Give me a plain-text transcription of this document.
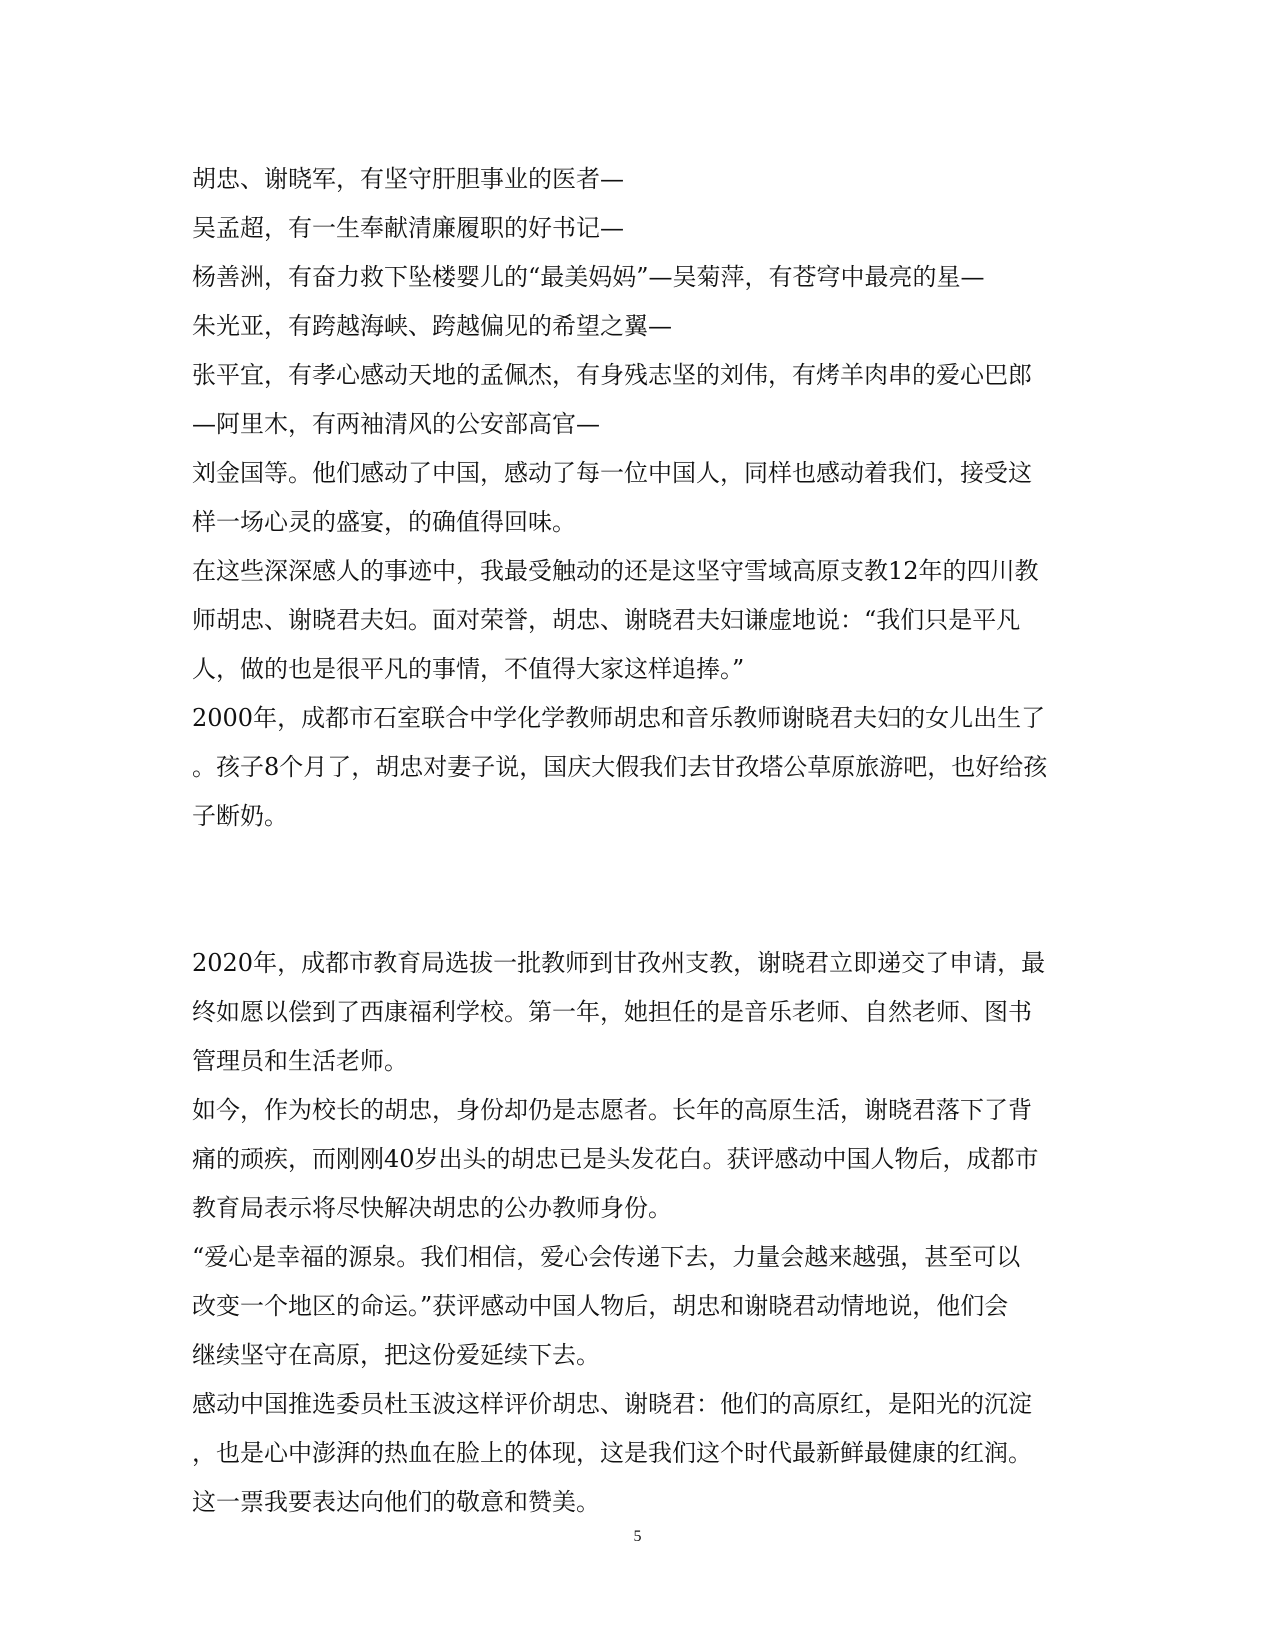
胡忠、谢晓军，有坚守肝胆事业的医者—
吴孟超，有一生奉献清廉履职的好书记—
杨善洲，有奋力救下坠楼婴儿的“最美妈妈”—吴菊萍，有苍穹中最亮的星—
朱光亚，有跨越海峡、跨越偏见的希望之翼—
张平宜，有孝心感动天地的孟佩杰，有身残志坚的刘伟，有烤羊肉串的爱心巴郎
—阿里木，有两袖清风的公安部高官—
刘金国等。他们感动了中国，感动了每一位中国人，同样也感动着我们，接受这
样一场心灵的盛宴，的确值得回味。
在这些深深感人的事迹中，我最受触动的还是这坚守雪域高原支教12年的四川教
师胡忠、谢晓君夫妇。面对荣誉，胡忠、谢晓君夫妇谦虚地说：“我们只是平凡
人，做的也是很平凡的事情，不值得大家这样追捧。”
2000年，成都市石室联合中学化学教师胡忠和音乐教师谢晓君夫妇的女儿出生了
。孩子8个月了，胡忠对妻子说，国庆大假我们去甘孜塔公草原旅游吧，也好给孩
子断奶。
2020年，成都市教育局选拔一批教师到甘孜州支教，谢晓君立即递交了申请，最
终如愿以偿到了西康福利学校。第一年，她担任的是音乐老师、自然老师、图书
管理员和生活老师。
如今，作为校长的胡忠，身份却仍是志愿者。长年的高原生活，谢晓君落下了背
痛的顽疾，而刚刚40岁出头的胡忠已是头发花白。获评感动中国人物后，成都市
教育局表示将尽快解决胡忠的公办教师身份。
“爱心是幸福的源泉。我们相信，爱心会传递下去，力量会越来越强，甚至可以
改变一个地区的命运。”获评感动中国人物后，胡忠和谢晓君动情地说，他们会
继续坚守在高原，把这份爱延续下去。
感动中国推选委员杜玉波这样评价胡忠、谢晓君：他们的高原红，是阳光的沉淀
，也是心中澎湃的热血在脸上的体现，这是我们这个时代最新鲜最健康的红润。
这一票我要表达向他们的敬意和赞美。
5
